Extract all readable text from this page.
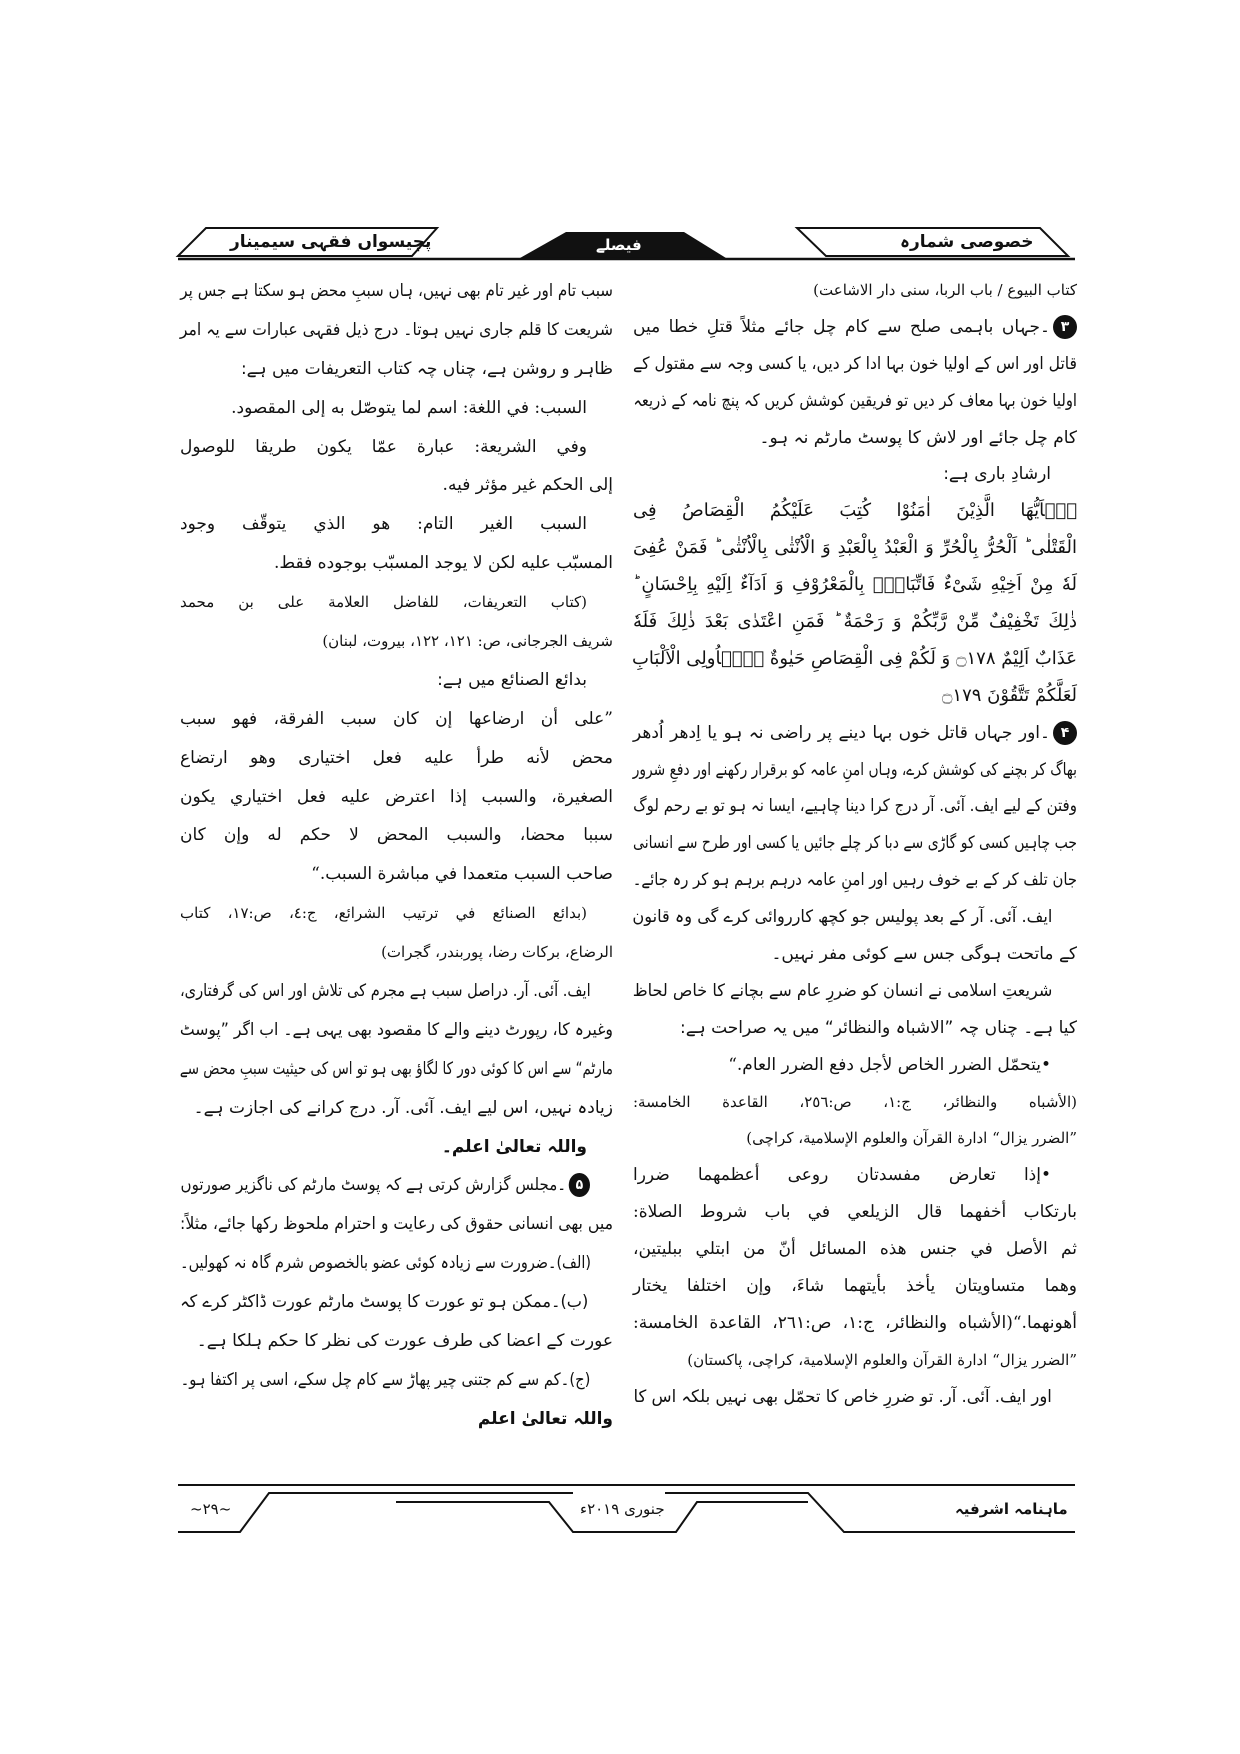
پچیسواں فقہی سیمینار	فیصلے	خصوصی شمارہ
كتاب البيوع / باب الربا، سنی دار الاشاعت)
۳۔جہاں باہمی صلح سے کام چل جائے مثلاً قتلِ خطا میں
قاتل اور اس کے اولیا خون بہا ادا کر دیں، یا کسی وجہ سے مقتول کے
اولیا خون بہا معاف کر دیں تو فریقین کوشش کریں کہ پنچ نامہ کے ذریعہ
کام چل جائے اور لاش کا پوسٹ مارٹم نہ ہو۔
ارشادِ باری ہے:
یٰۤاَیُّهَا الَّذِیْنَ اٰمَنُوْا كُتِبَ عَلَیْكُمُ الْقِصَاصُ فِی
الْقَتْلٰى ؕ اَلْحُرُّ بِالْحُرِّ وَ الْعَبْدُ بِالْعَبْدِ وَ الْاُنْثٰى بِالْاُنْثٰى ؕ فَمَنْ عُفِیَ
لَهٗ مِنْ اَخِیْهِ شَیْءٌ فَاتِّبَاعٌۢ بِالْمَعْرُوْفِ وَ اَدَآءٌ اِلَیْهِ بِاِحْسَانٍ ؕ
ذٰلِكَ تَخْفِیْفٌ مِّنْ رَّبِّكُمْ وَ رَحْمَةٌ ؕ فَمَنِ اعْتَدٰى بَعْدَ ذٰلِكَ فَلَهٗ
عَذَابٌ اَلِیْمٌ ۝۱۷۸ وَ لَكُمْ فِی الْقِصَاصِ حَیٰوةٌ یّٰۤاُولِی الْاَلْبَابِ
لَعَلَّكُمْ تَتَّقُوْنَ ۝۱۷۹
۴۔اور جہاں قاتل خوں بہا دینے پر راضی نہ ہو یا اِدھر اُدھر
بھاگ کر بچنے کی کوشش کرے، وہاں امنِ عامہ کو برقرار رکھنے اور دفعِ شرور
وفتن کے لیے ایف. آئی. آر درج کرا دینا چاہیے، ایسا نہ ہو تو بے رحم لوگ
جب چاہیں کسی کو گاڑی سے دبا کر چلے جائیں یا کسی اور طرح سے انسانی
جان تلف کر کے بے خوف رہیں اور امنِ عامہ درہم برہم ہو کر رہ جائے۔
ایف. آئی. آر کے بعد پولیس جو کچھ کارروائی کرے گی وہ قانون
کے ماتحت ہوگی جس سے کوئی مفر نہیں۔
شریعتِ اسلامی نے انسان کو ضررِ عام سے بچانے کا خاص لحاظ
کیا ہے۔ چناں چہ ”الاشباہ والنظائر“ میں یہ صراحت ہے:
•يتحمّل الضرر الخاص لأجل دفع الضرر العام.“
(الأشباه والنظائر، ج:١، ص:٢٥٦، القاعدة الخامسة:
”الضرر يزال“ ادارة القرآن والعلوم الإسلامية، كراچی)
•إذا تعارض مفسدتان روعى أعظمهما ضررا
بارتكاب أخفهما قال الزيلعي في باب شروط الصلاة:
ثم الأصل في جنس هذه المسائل أنّ من ابتلي ببليتين،
وهما متساويتان يأخذ بأيتهما شاءَ، وإن اختلفا يختار
أهونهما.“(الأشباه والنظائر، ج:١، ص:٢٦١، القاعدة الخامسة:
”الضرر يزال“ ادارة القرآن والعلوم الإسلامية، كراچی، پاکستان)
اور ایف. آئی. آر. تو ضررِ خاص کا تحمّل بھی نہیں بلکہ اس کا
سبب تام اور غیر تام بھی نہیں، ہاں سببِ محض ہو سکتا ہے جس پر
شریعت کا قلم جاری نہیں ہوتا۔ درج ذیل فقہی عبارات سے یہ امر
ظاہر و روشن ہے، چناں چہ کتاب التعریفات میں ہے:
السبب: في اللغة: اسم لما يتوصّل به إلى المقصود.
وفي الشريعة: عبارة عمّا يكون طريقا للوصول
إلى الحكم غير مؤثر فيه.
السبب الغير التام: هو الذي يتوقّف وجود
المسبّب عليه لكن لا يوجد المسبّب بوجوده فقط.
(كتاب التعريفات، للفاضل العلامة علی بن محمد
شريف الجرجانی، ص: ١٢١، ١٢٢، بيروت، لبنان)
بدائع الصنائع میں ہے:
”على أن ارضاعها إن كان سبب الفرقة، فهو سبب
محض لأنه طرأ عليه فعل اختياری وهو ارتضاع
الصغيرة، والسبب إذا اعترض عليه فعل اختياري يكون
سببا محضا، والسبب المحض لا حكم له وإن كان
صاحب السبب متعمدا في مباشرة السبب.“
(بدائع الصنائع في ترتيب الشرائع، ج:٤، ص:١٧، كتاب
الرضاع، برکات رضا، پوربندر، گجرات)
ایف. آئی. آر. دراصل سبب ہے مجرم کی تلاش اور اس کی گرفتاری،
وغیرہ کا، رپورٹ دینے والے کا مقصود بھی یہی ہے۔ اب اگر ”پوسٹ
مارٹم“ سے اس کا کوئی دور کا لگاؤ بھی ہو تو اس کی حیثیت سببِ محض سے
زیادہ نہیں، اس لیے ایف. آئی. آر. درج کرانے کی اجازت ہے۔
واللہ تعالیٰ اعلم۔
۵۔مجلس گزارش کرتی ہے کہ پوسٹ مارٹم کی ناگزیر صورتوں
میں بھی انسانی حقوق کی رعایت و احترام ملحوظ رکھا جائے، مثلاً:
(الف)۔ضرورت سے زیادہ کوئی عضو بالخصوص شرم گاہ نہ کھولیں۔
(ب)۔ممکن ہو تو عورت کا پوسٹ مارٹم عورت ڈاکٹر کرے کہ
عورت کے اعضا کی طرف عورت کی نظر کا حکم ہلکا ہے۔
(ج)۔کم سے کم جتنی چیر پھاڑ سے کام چل سکے، اسی پر اکتفا ہو۔
واللہ تعالیٰ اعلم
~۲۹~	جنوری ۲۰۱۹ء	ماہنامہ اشرفیہ
